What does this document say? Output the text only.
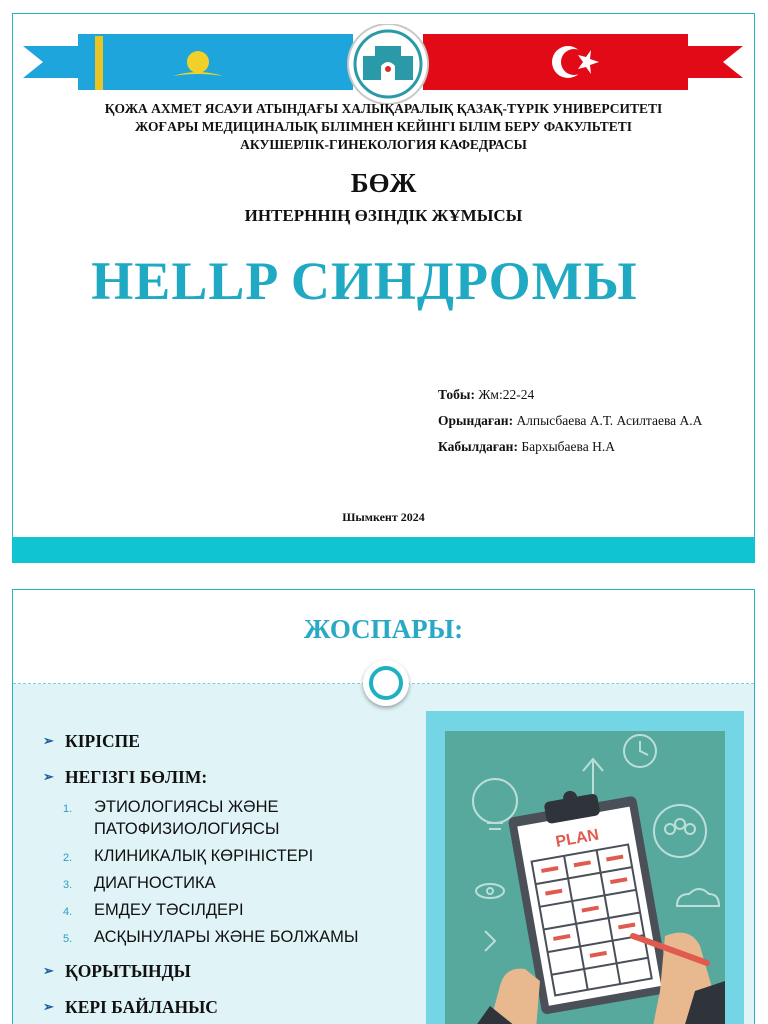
ҚОЖА АХМЕТ ЯСАУИ АТЫНДАҒЫ ХАЛЫҚАРАЛЫҚ ҚАЗАҚ-ТҮРІК УНИВЕРСИТЕТІ
ЖОҒАРЫ МЕДИЦИНАЛЫҚ БІЛІМНЕН КЕЙІНГІ БІЛІМ БЕРУ ФАКУЛЬТЕТІ
АКУШЕРЛІК-ГИНЕКОЛОГИЯ КАФЕДРАСЫ
БӨЖ
ИНТЕРННІҢ ӨЗІНДІК ЖҰМЫСЫ
HELLP СИНДРОМЫ
Тобы: Жм:22-24
Орындаған: Алпысбаева А.Т. Асилтаева А.А
Кабылдаған: Бархыбаева Н.А
Шымкент 2024
ЖОСПАРЫ:
➢ КІРІСПЕ
➢ НЕГІЗГІ БӨЛІМ:
1. ЭТИОЛОГИЯСЫ ЖӘНЕ ПАТОФИЗИОЛОГИЯСЫ
2. КЛИНИКАЛЫҚ КӨРІНІСТЕРІ
3. ДИАГНОСТИКА
4. ЕМДЕУ ТӘСІЛДЕРІ
5. АСҚЫНУЛАРЫ ЖӘНЕ БОЛЖАМЫ
➢ ҚОРЫТЫНДЫ
➢ КЕРІ БАЙЛАНЫС
PLAN
